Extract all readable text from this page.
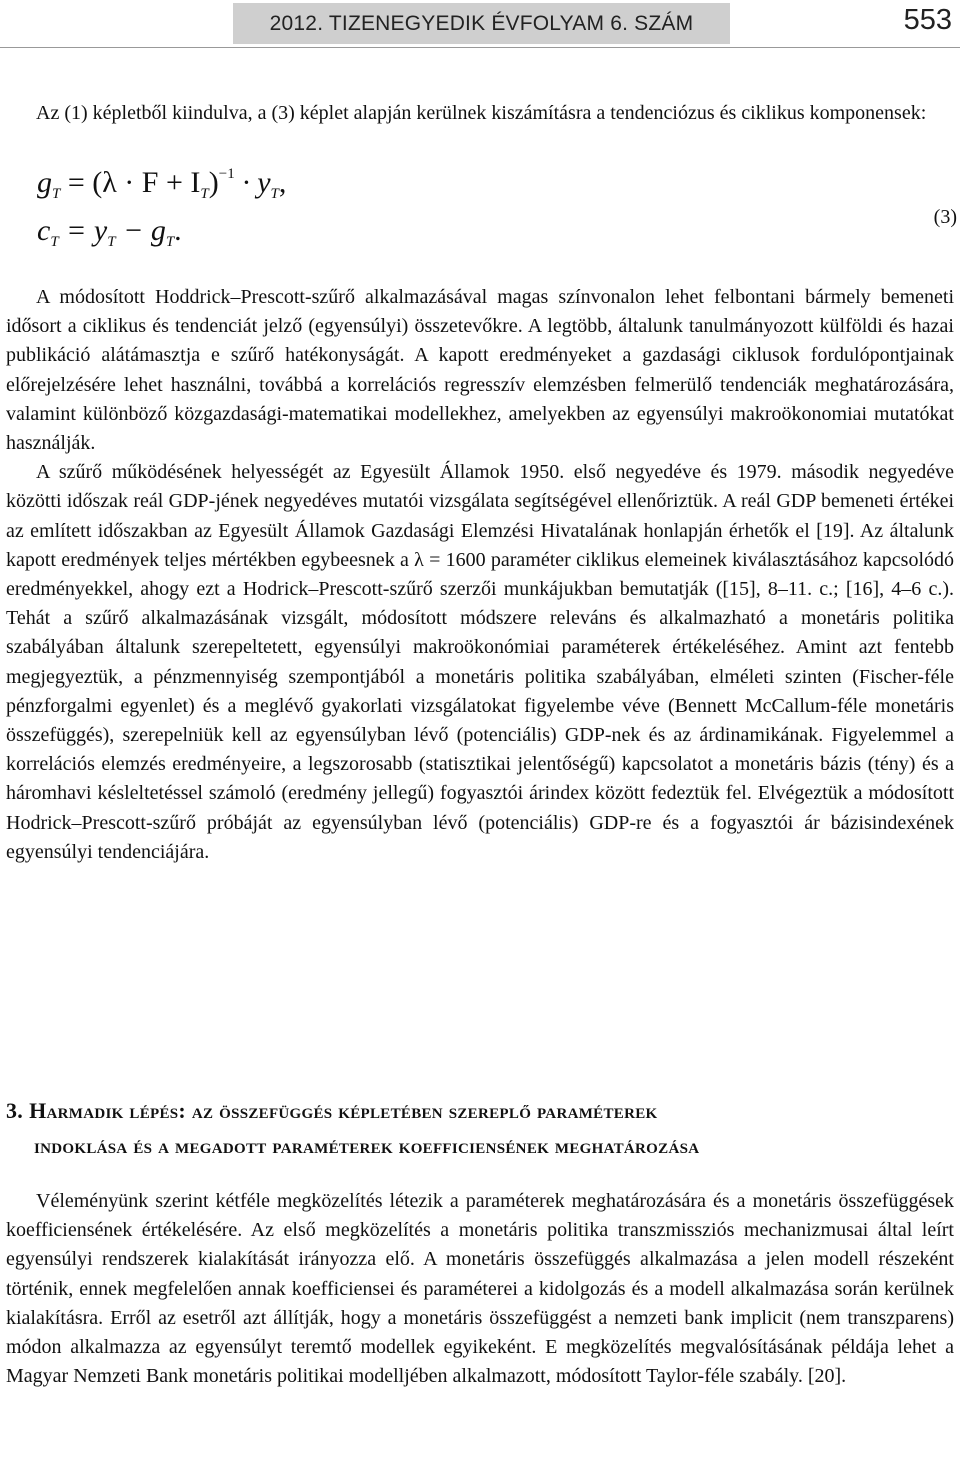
2012. TIZENEGYEDIK ÉVFOLYAM 6. SZÁM	553

Az (1) képletből kiindulva, a (3) képlet alapján kerülnek kiszámításra a tendenciózus és ciklikus komponensek:

$g_T = (\lambda \cdot F + I_T)^{-1} \cdot y_T$,
$c_T = y_T - g_T$.	(3)

A módosított Hoddrick–Prescott-szűrő alkalmazásával magas színvonalon lehet felbontani bármely bemeneti idősort a ciklikus és tendenciát jelző (egyensúlyi) összetevőkre. A legtöbb, általunk tanulmányozott külföldi és hazai publikáció alátámasztja e szűrő hatékonyságát. A kapott eredményeket a gazdasági ciklusok fordulópontjainak előrejelzésére lehet használni, továbbá a korrelációs regresszív elemzésben felmerülő tendenciák meghatározására, valamint különböző közgazdasági-matematikai modellekhez, amelyekben az egyensúlyi makroökonomiai mutatókat használják.

A szűrő működésének helyességét az Egyesült Államok 1950. első negyedéve és 1979. második negyedéve közötti időszak reál GDP-jének negyedéves mutatói vizsgálata segítségével ellenőriztük. A reál GDP bemeneti értékei az említett időszakban az Egyesült Államok Gazdasági Elemzési Hivatalának honlapján érhetők el [19]. Az általunk kapott eredmények teljes mértékben egybeesnek a λ = 1600 paraméter ciklikus elemeinek kiválasztásához kapcsolódó eredményekkel, ahogy ezt a Hodrick–Prescott-szűrő szerzői munkájukban bemutatják ([15], 8–11. c.; [16], 4–6 c.). Tehát a szűrő alkalmazásának vizsgált, módosított módszere releváns és alkalmazható a monetáris politika szabályában általunk szerepeltetett, egyensúlyi makroökonómiai paraméterek értékeléséhez. Amint azt fentebb megjegyeztük, a pénzmennyiség szempontjából a monetáris politika szabályában, elméleti szinten (Fischer-féle pénzforgalmi egyenlet) és a meglévő gyakorlati vizsgálatokat figyelembe véve (Bennett McCallum-féle monetáris összefüggés), szerepelniük kell az egyensúlyban lévő (potenciális) GDP-nek és az árdinamikának. Figyelemmel a korrelációs elemzés eredményeire, a legszorosabb (statisztikai jelentőségű) kapcsolatot a monetáris bázis (tény) és a háromhavi késleltetéssel számoló (eredmény jellegű) fogyasztói árindex között fedeztük fel. Elvégeztük a módosított Hodrick–Prescott-szűrő próbáját az egyensúlyban lévő (potenciális) GDP-re és a fogyasztói ár bázisindexének egyensúlyi tendenciájára.

3. Harmadik lépés: az összefüggés képletében szereplő paraméterek
indoklása és a megadott paraméterek koefficiensének meghatározása

Véleményünk szerint kétféle megközelítés létezik a paraméterek meghatározására és a monetáris összefüggések koefficiensének értékelésére. Az első megközelítés a monetáris politika transzmissziós mechanizmusai által leírt egyensúlyi rendszerek kialakítását irányozza elő. A monetáris összefüggés alkalmazása a jelen modell részeként történik, ennek megfelelően annak koefficiensei és paraméterei a kidolgozás és a modell alkalmazása során kerülnek kialakításra. Erről az esetről azt állítják, hogy a monetáris összefüggést a nemzeti bank implicit (nem transzparens) módon alkalmazza az egyensúlyt teremtő modellek egyikeként. E megközelítés megvalósításának példája lehet a Magyar Nemzeti Bank monetáris politikai modelljében alkalmazott, módosított Taylor-féle szabály. [20].
